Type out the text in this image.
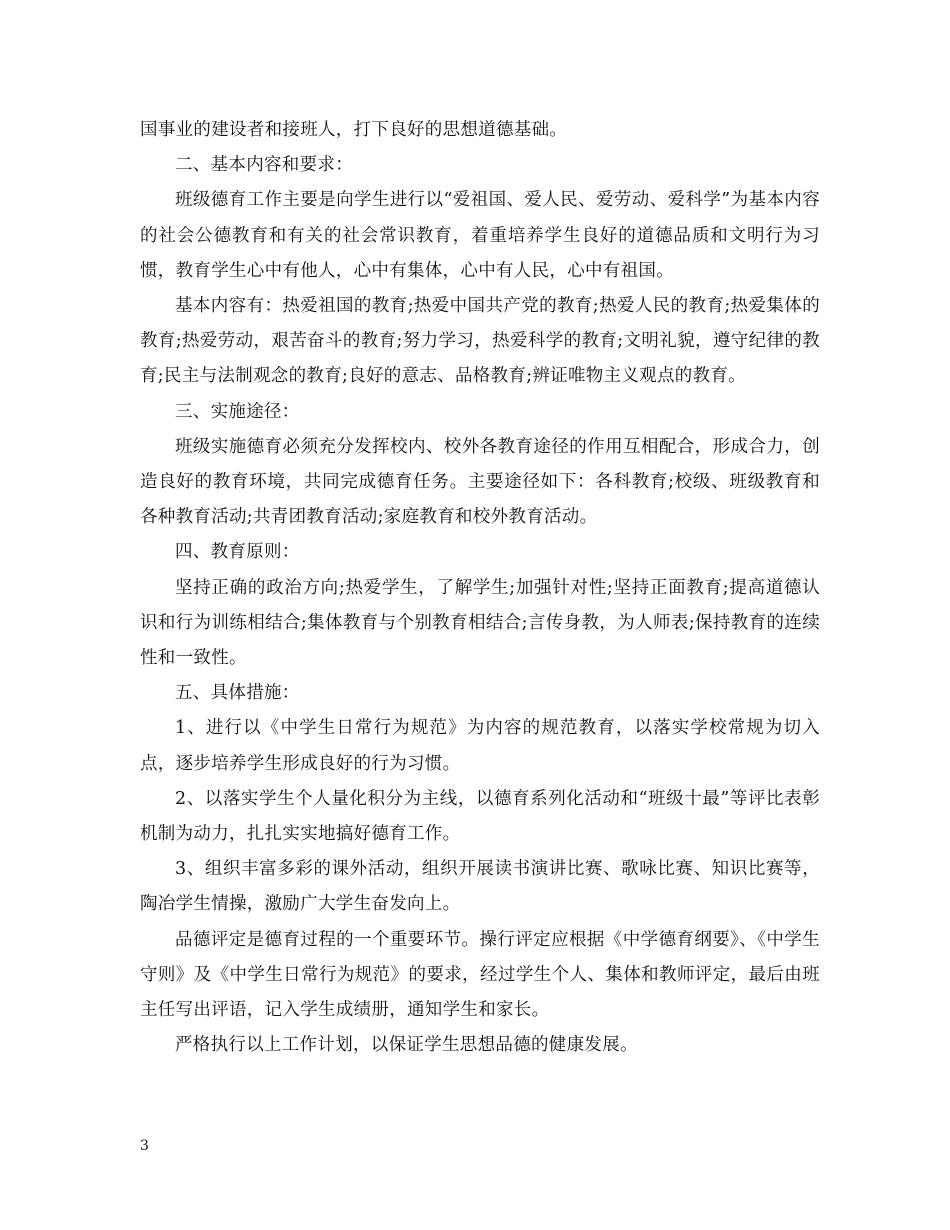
国事业的建设者和接班人，打下良好的思想道德基础。

二、基本内容和要求：

班级德育工作主要是向学生进行以“爱祖国、爱人民、爱劳动、爱科学”为基本内容的社会公德教育和有关的社会常识教育，着重培养学生良好的道德品质和文明行为习惯，教育学生心中有他人，心中有集体，心中有人民，心中有祖国。

基本内容有：热爱祖国的教育;热爱中国共产党的教育;热爱人民的教育;热爱集体的教育;热爱劳动，艰苦奋斗的教育;努力学习，热爱科学的教育;文明礼貌，遵守纪律的教育;民主与法制观念的教育;良好的意志、品格教育;辨证唯物主义观点的教育。

三、实施途径：

班级实施德育必须充分发挥校内、校外各教育途径的作用互相配合，形成合力，创造良好的教育环境，共同完成德育任务。主要途径如下：各科教育;校级、班级教育和各种教育活动;共青团教育活动;家庭教育和校外教育活动。

四、教育原则：

坚持正确的政治方向;热爱学生，了解学生;加强针对性;坚持正面教育;提高道德认识和行为训练相结合;集体教育与个别教育相结合;言传身教，为人师表;保持教育的连续性和一致性。

五、具体措施：

1、进行以《中学生日常行为规范》为内容的规范教育，以落实学校常规为切入点，逐步培养学生形成良好的行为习惯。

2、以落实学生个人量化积分为主线，以德育系列化活动和“班级十最”等评比表彰机制为动力，扎扎实实地搞好德育工作。

3、组织丰富多彩的课外活动，组织开展读书演讲比赛、歌咏比赛、知识比赛等，陶冶学生情操，激励广大学生奋发向上。

品德评定是德育过程的一个重要环节。操行评定应根据《中学德育纲要》、《中学生守则》及《中学生日常行为规范》的要求，经过学生个人、集体和教师评定，最后由班主任写出评语，记入学生成绩册，通知学生和家长。

严格执行以上工作计划，以保证学生思想品德的健康发展。

3
